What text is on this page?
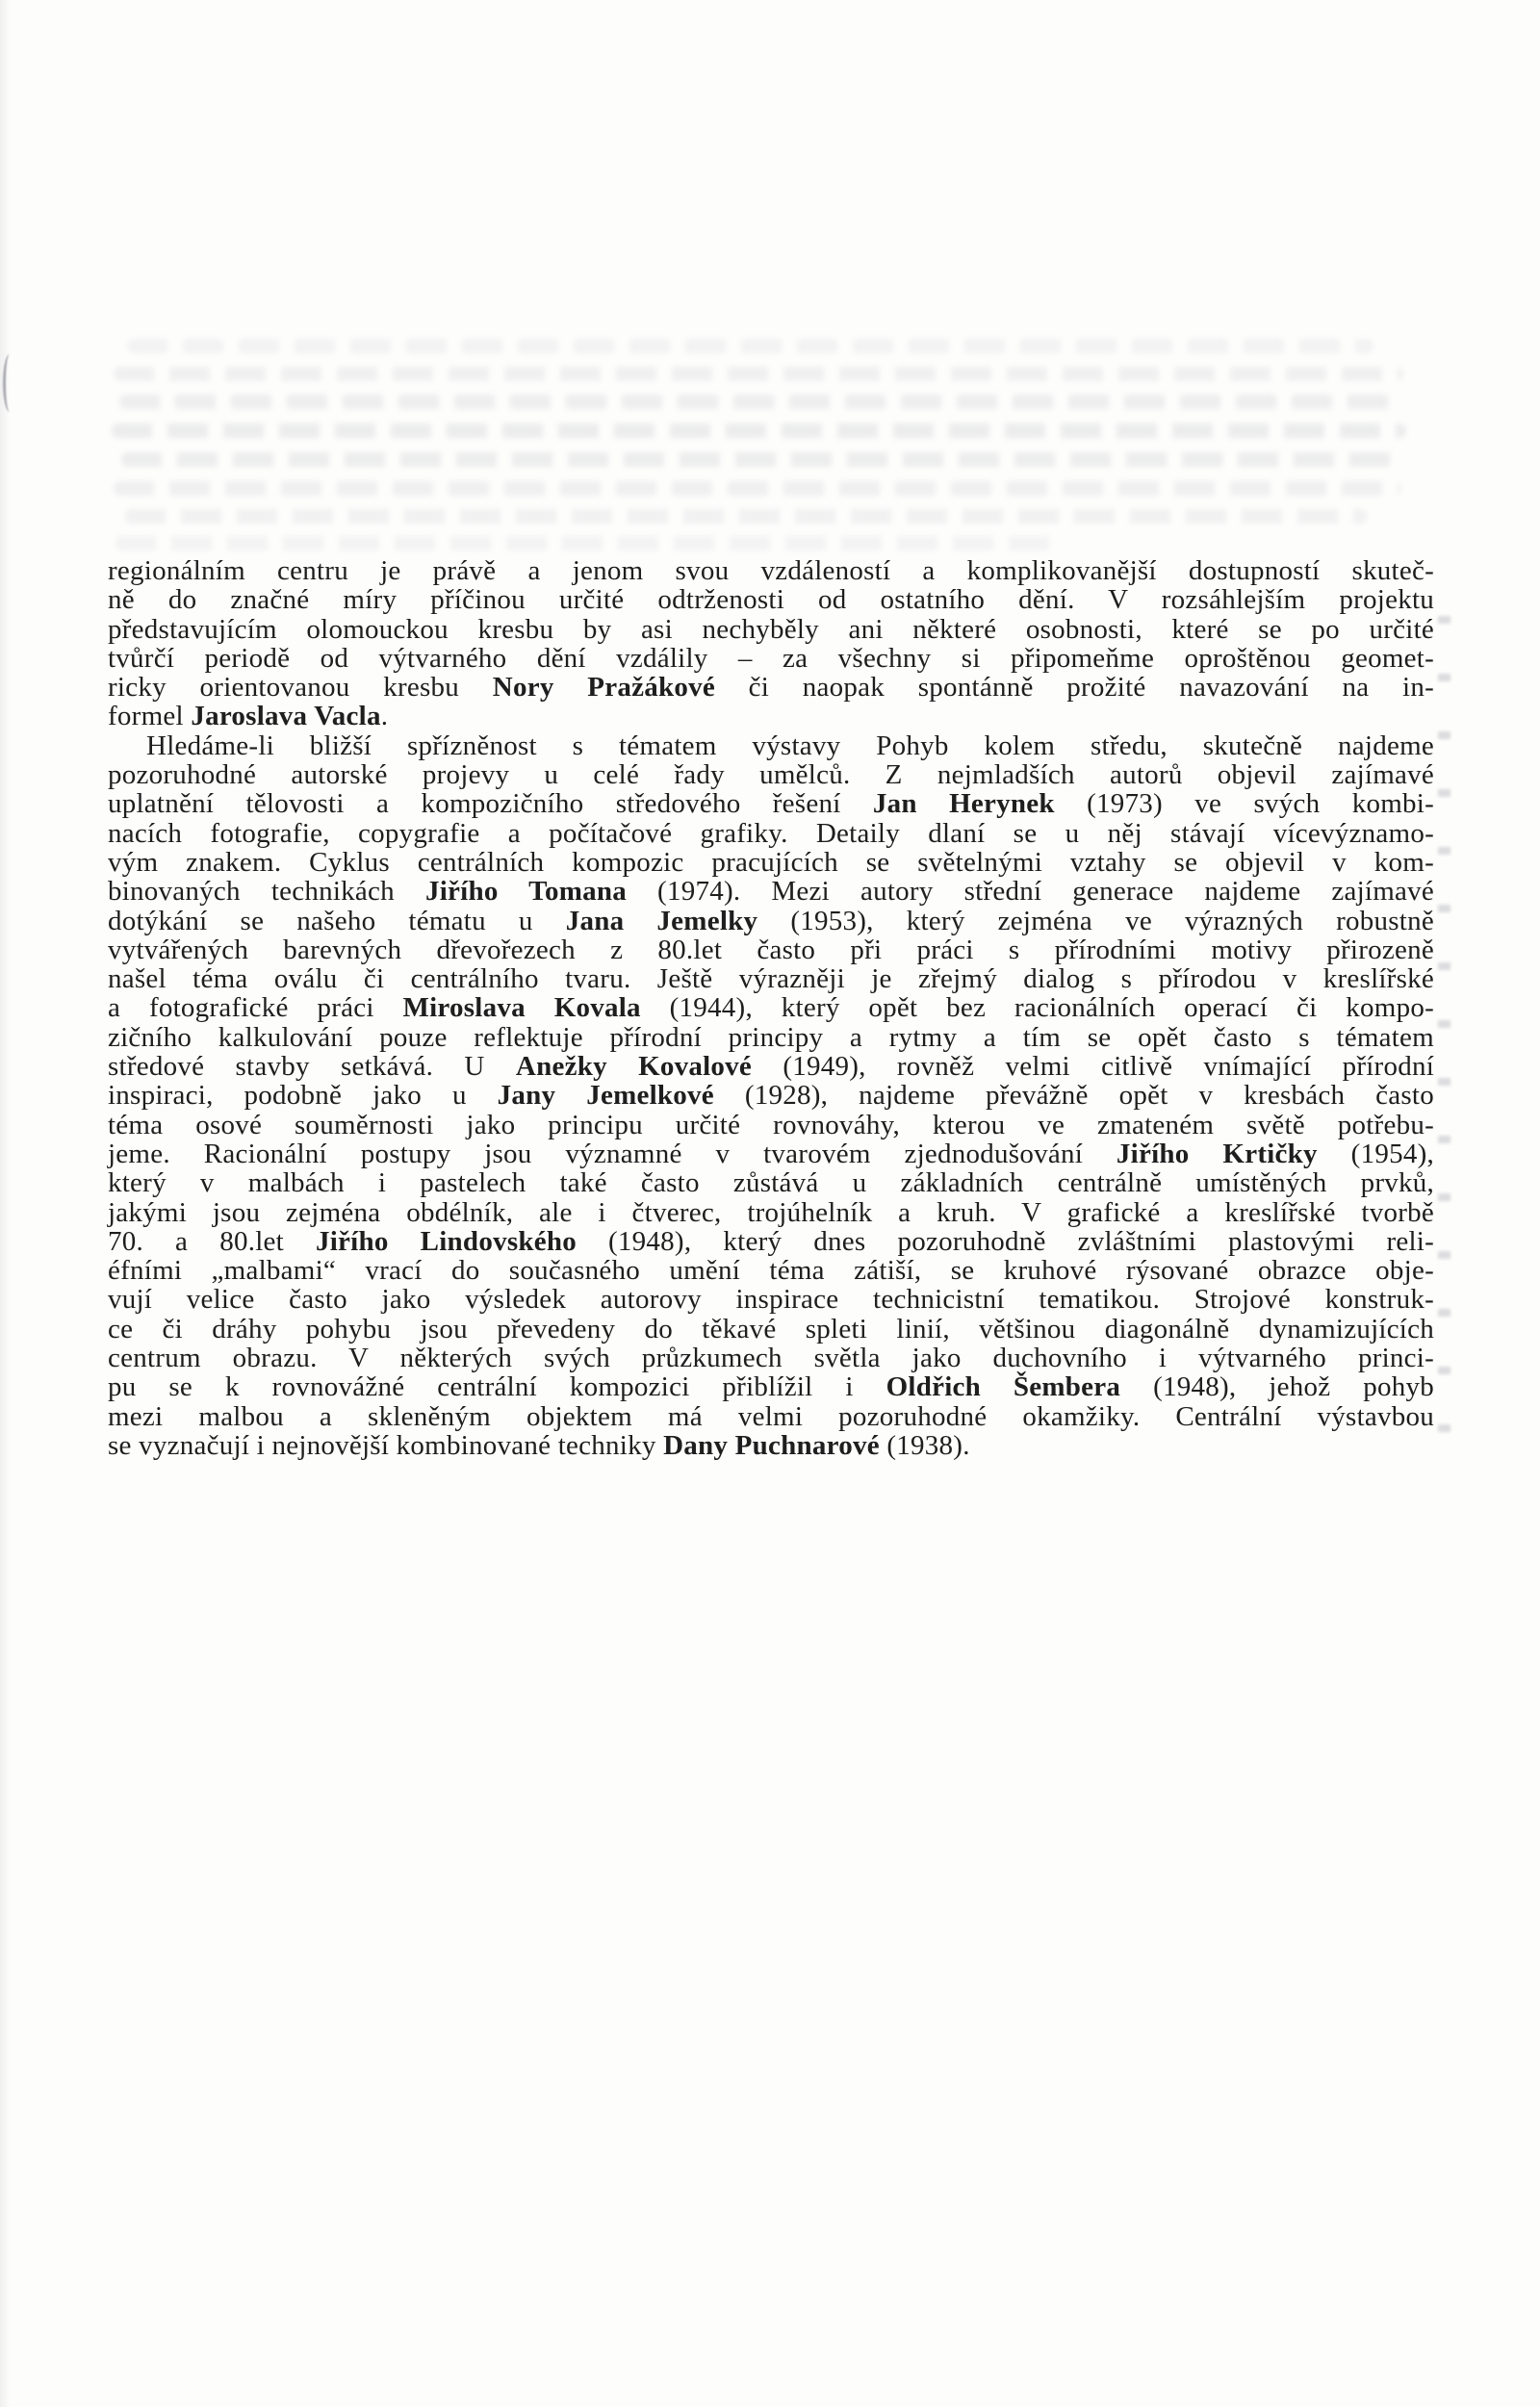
regionálním centru je právě a jenom svou vzdáleností a komplikovanější dostupností skuteč-
ně do značné míry příčinou určité odtrženosti od ostatního dění. V rozsáhlejším projektu
představujícím olomouckou kresbu by asi nechyběly ani některé osobnosti, které se po určité
tvůrčí periodě od výtvarného dění vzdálily – za všechny si připomeňme oproštěnou geomet-
ricky orientovanou kresbu Nory Pražákové či naopak spontánně prožité navazování na in-
formel Jaroslava Vacla.
Hledáme-li bližší spřízněnost s tématem výstavy Pohyb kolem středu, skutečně najdeme
pozoruhodné autorské projevy u celé řady umělců. Z nejmladších autorů objevil zajímavé
uplatnění tělovosti a kompozičního středového řešení Jan Herynek (1973) ve svých kombi-
nacích fotografie, copygrafie a počítačové grafiky. Detaily dlaní se u něj stávají vícevýznamo-
vým znakem. Cyklus centrálních kompozic pracujících se světelnými vztahy se objevil v kom-
binovaných technikách Jiřího Tomana (1974). Mezi autory střední generace najdeme zajímavé
dotýkání se našeho tématu u Jana Jemelky (1953), který zejména ve výrazných robustně
vytvářených barevných dřevořezech z 80.let často při práci s přírodními motivy přirozeně
našel téma oválu či centrálního tvaru. Ještě výrazněji je zřejmý dialog s přírodou v kreslířské
a fotografické práci Miroslava Kovala (1944), který opět bez racionálních operací či kompo-
zičního kalkulování pouze reflektuje přírodní principy a rytmy a tím se opět často s tématem
středové stavby setkává. U Anežky Kovalové (1949), rovněž velmi citlivě vnímající přírodní
inspiraci, podobně jako u Jany Jemelkové (1928), najdeme převážně opět v kresbách často
téma osové souměrnosti jako principu určité rovnováhy, kterou ve zmateném světě potřebu-
jeme. Racionální postupy jsou významné v tvarovém zjednodušování Jiřího Krtičky (1954),
který v malbách i pastelech také často zůstává u základních centrálně umístěných prvků,
jakými jsou zejména obdélník, ale i čtverec, trojúhelník a kruh. V grafické a kreslířské tvorbě
70. a 80.let Jiřího Lindovského (1948), který dnes pozoruhodně zvláštními plastovými reli-
éfními „malbami“ vrací do současného umění téma zátiší, se kruhové rýsované obrazce obje-
vují velice často jako výsledek autorovy inspirace technicistní tematikou. Strojové konstruk-
ce či dráhy pohybu jsou převedeny do těkavé spleti linií, většinou diagonálně dynamizujících
centrum obrazu. V některých svých průzkumech světla jako duchovního i výtvarného princi-
pu se k rovnovážné centrální kompozici přiblížil i Oldřich Šembera (1948), jehož pohyb
mezi malbou a skleněným objektem má velmi pozoruhodné okamžiky. Centrální výstavbou
se vyznačují i nejnovější kombinované techniky Dany Puchnarové (1938).
